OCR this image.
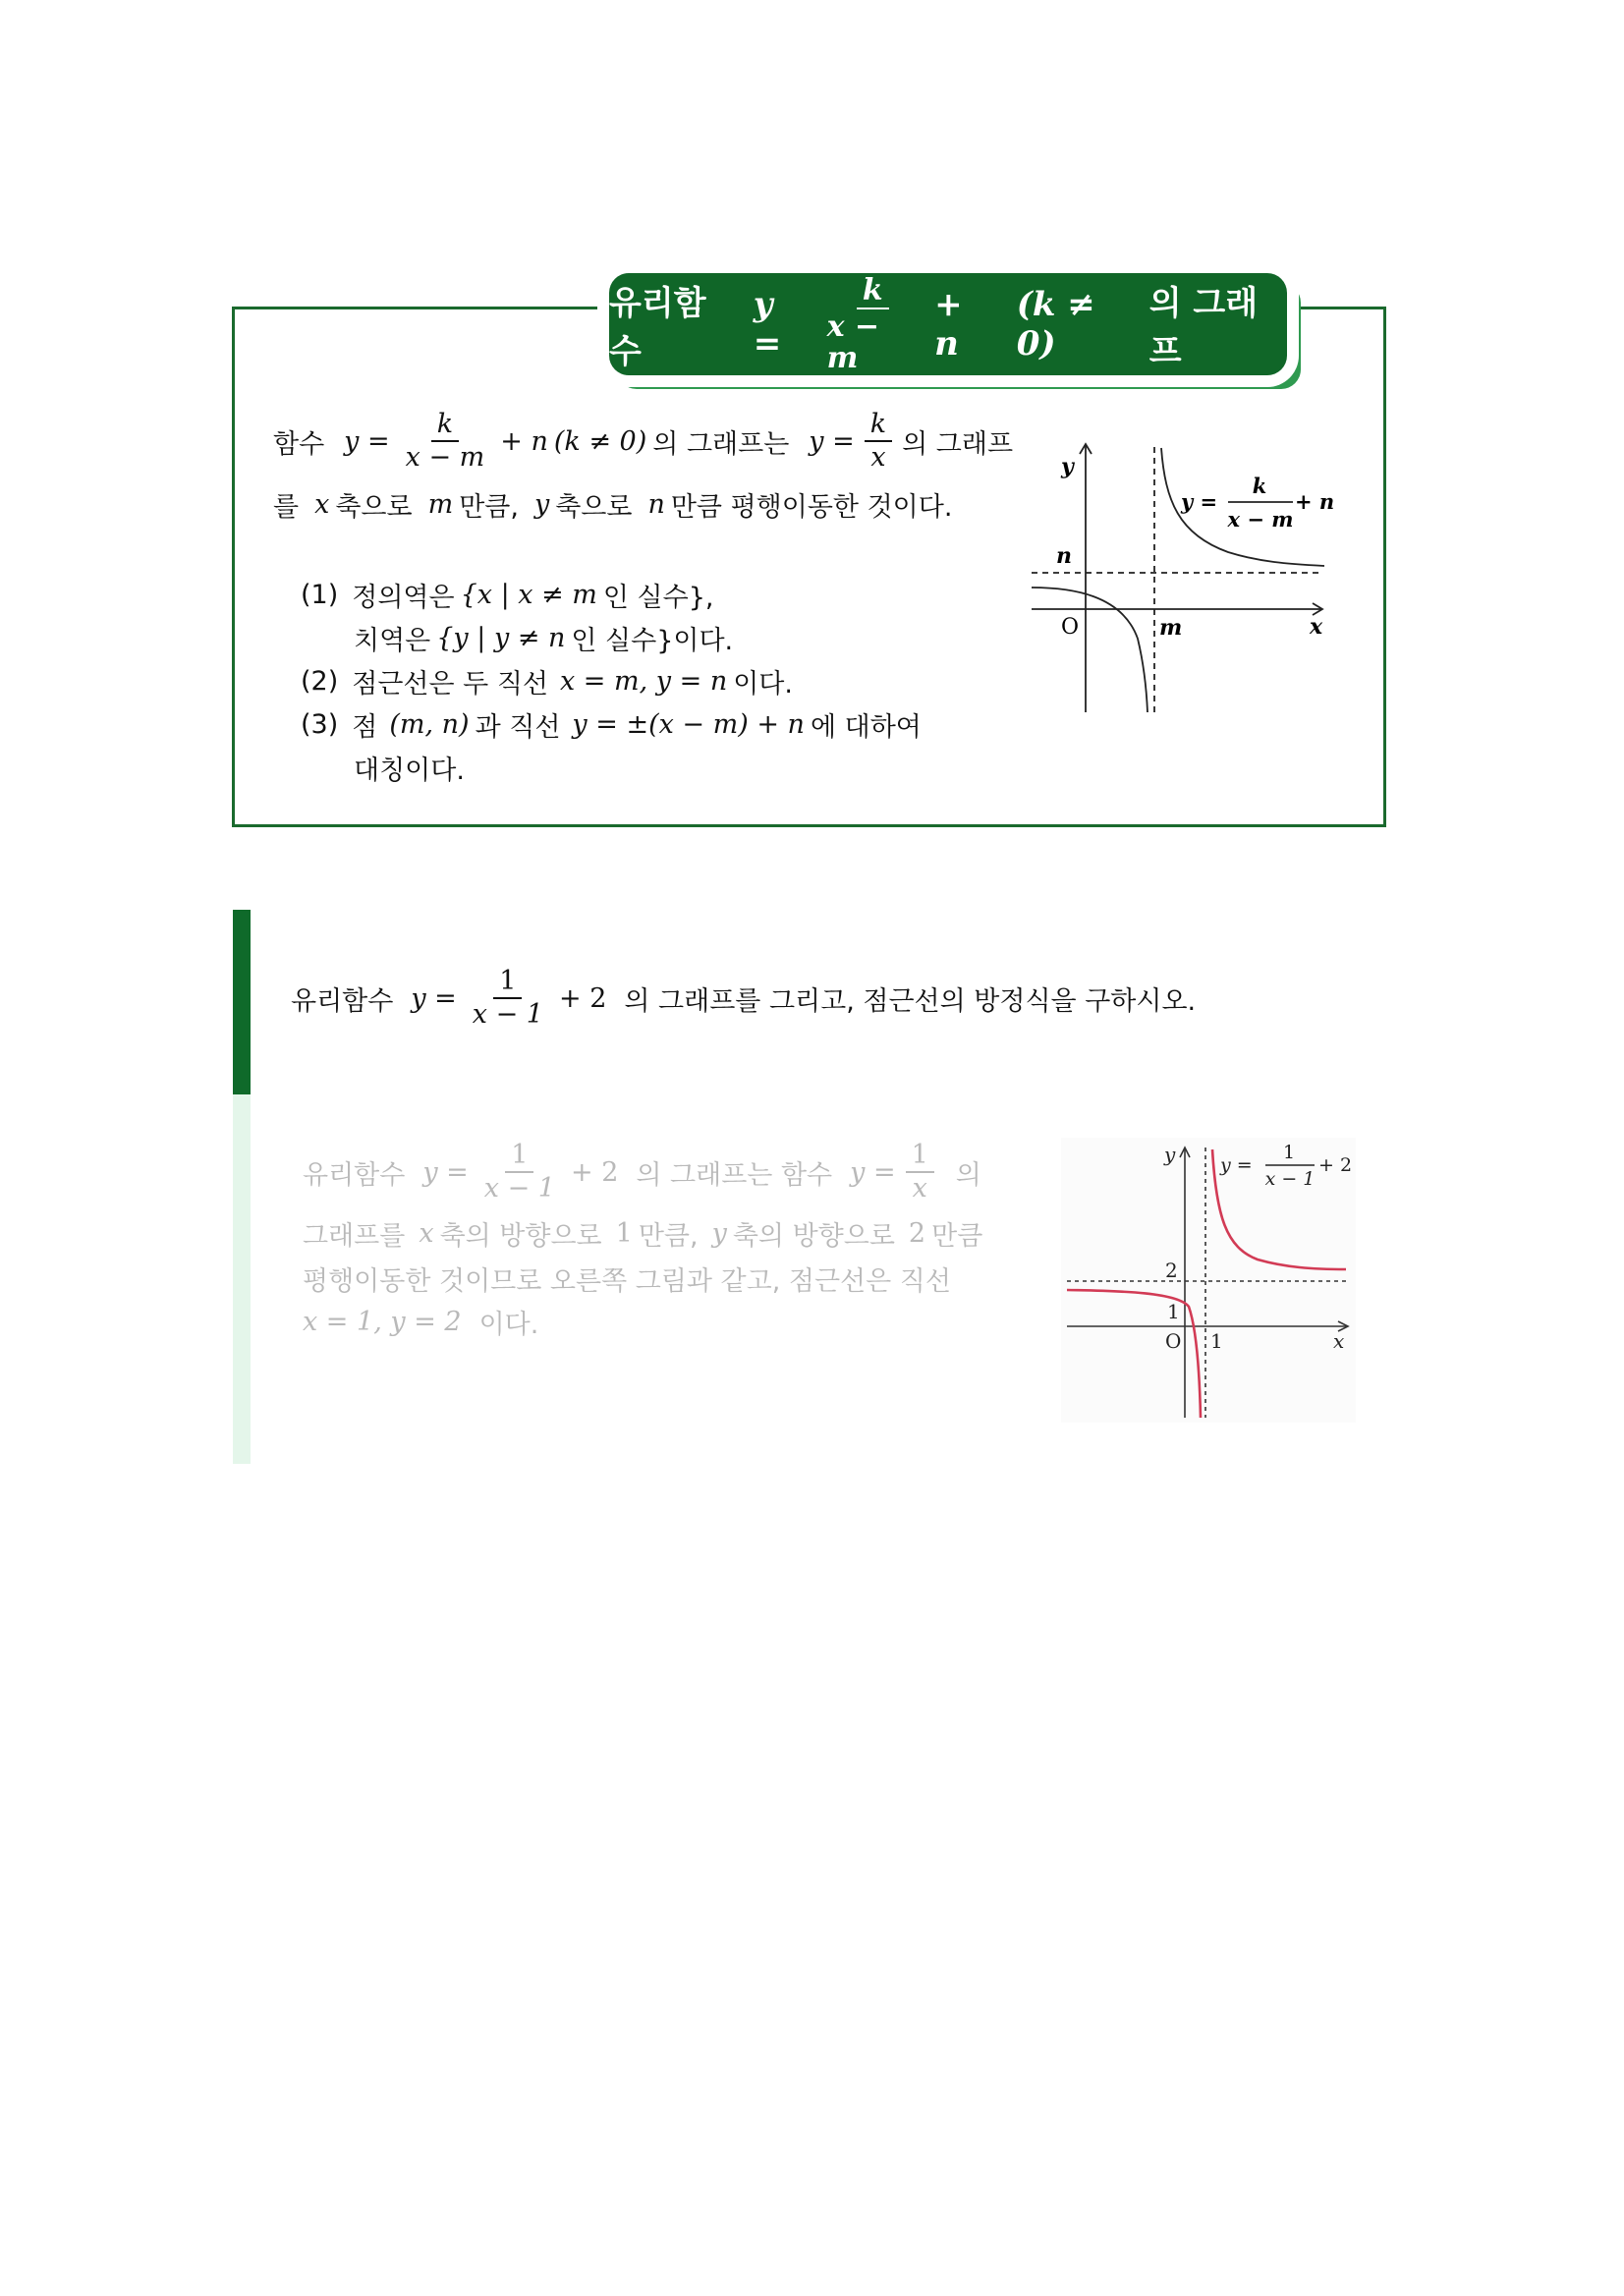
유리함수
y =	$\frac{k}{x - m} + n$
(k ≠ 0)
의 그래프
함수 $y = \frac{k}{x - m} + n$ (k ≠ 0) 의 그래프는 $y = \frac{k}{x}$ 의 그래프
를 x 축으로 m 만큼, y 축으로 n 만큼 평행이동한 것이다.
(1) 정의역은 {x | x ≠ m 인 실수},
치역은 {y | y ≠ n 인 실수}이다.
(2) 점근선은 두 직선 x = m, y = n 이다.
(3) 점 (m, n) 과 직선 y = ±(x − m) + n 에 대하여
대칭이다.
y
x
O
n
m
y =
k
x − m
+ n
유리함수 $y = \frac{1}{x - 1} + 2$ 의 그래프를 그리고, 점근선의 방정식을 구하시오.
유리함수 $y = \frac{1}{x - 1} + 2$ 의 그래프는 함수 $y = \frac{1}{x}$ 의
그래프를 x 축의 방향으로 1 만큼, y 축의 방향으로 2 만큼
평행이동한 것이므로 오른쪽 그림과 같고, 점근선은 직선
x = 1, y = 2 이다.
y
x
O
2
1
1
y =
1
x − 1
+ 2
